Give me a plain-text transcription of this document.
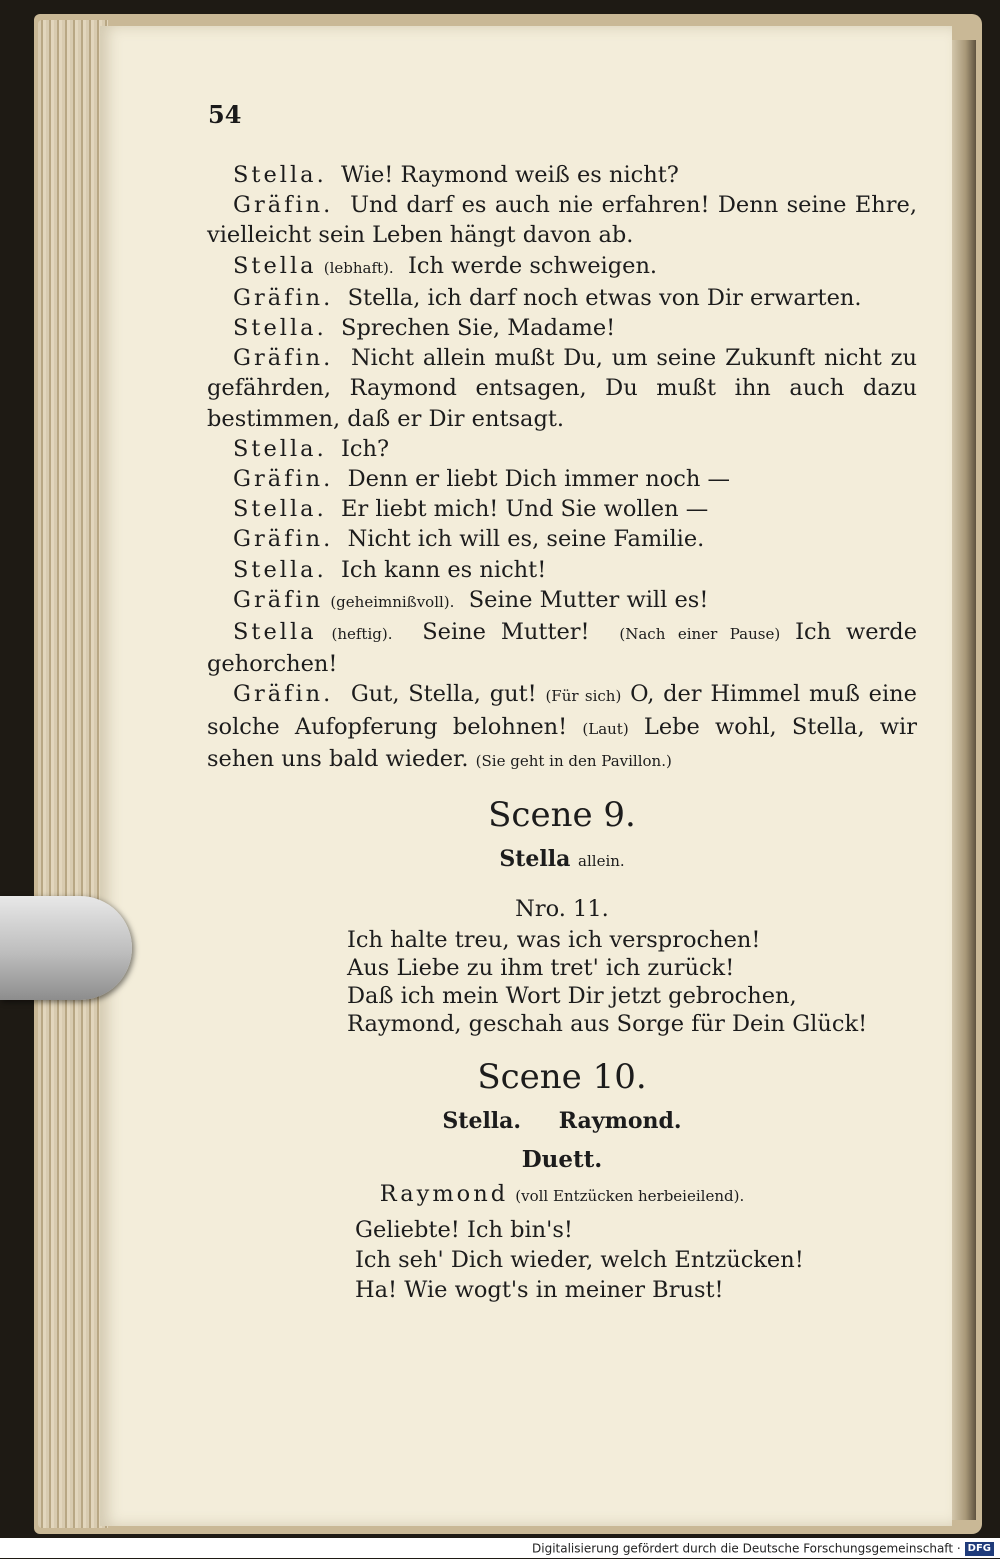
54

Stella. Wie! Raymond weiß es nicht?

Gräfin. Und darf es auch nie erfahren! Denn seine Ehre, vielleicht sein Leben hängt davon ab.

Stella (lebhaft). Ich werde schweigen.

Gräfin. Stella, ich darf noch etwas von Dir erwarten.

Stella. Sprechen Sie, Madame!

Gräfin. Nicht allein mußt Du, um seine Zukunft nicht zu gefährden, Raymond entsagen, Du mußt ihn auch dazu bestimmen, daß er Dir entsagt.

Stella. Ich?

Gräfin. Denn er liebt Dich immer noch —

Stella. Er liebt mich! Und Sie wollen —

Gräfin. Nicht ich will es, seine Familie.

Stella. Ich kann es nicht!

Gräfin (geheimnißvoll). Seine Mutter will es!

Stella (heftig). Seine Mutter! (Nach einer Pause) Ich werde gehorchen!

Gräfin. Gut, Stella, gut! (Für sich) O, der Himmel muß eine solche Aufopferung belohnen! (Laut) Lebe wohl, Stella, wir sehen uns bald wieder. (Sie geht in den Pavillon.)

Scene 9.
Stella allein.
Nro. 11.
Ich halte treu, was ich versprochen!
Aus Liebe zu ihm tret' ich zurück!
Daß ich mein Wort Dir jetzt gebrochen,
Raymond, geschah aus Sorge für Dein Glück!
Scene 10.
Stella. Raymond.
Duett.
Raymond (voll Entzücken herbeieilend).
Geliebte! Ich bin's!
Ich seh' Dich wieder, welch Entzücken!
Ha! Wie wogt's in meiner Brust!
Digitalisierung gefördert durch die Deutsche Forschungsgemeinschaft · DFG
